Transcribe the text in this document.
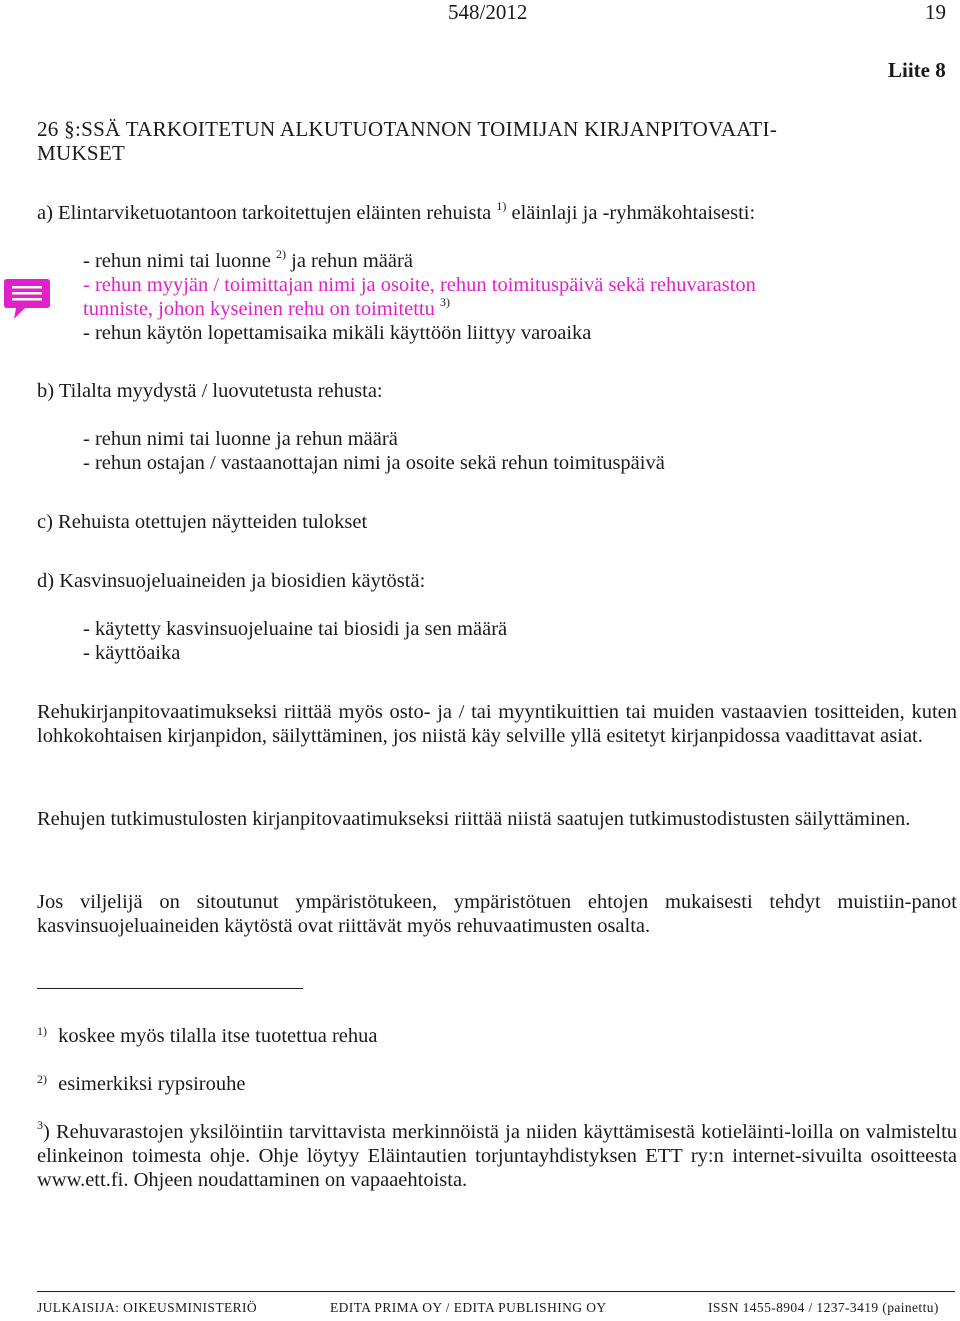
548/2012	19
Liite 8
26 §:SSÄ TARKOITETUN ALKUTUOTANNON TOIMIJAN KIRJANPITOVAATI-
MUKSET
a) Elintarviketuotantoon tarkoitettujen eläinten rehuista $^{1)}$ eläinlaji ja -ryhmäkohtaisesti:
- rehun nimi tai luonne $^{2)}$ ja rehun määrä
- rehun myyjän / toimittajan nimi ja osoite, rehun toimituspäivä sekä rehuvaraston
tunniste, johon kyseinen rehu on toimitettu $^{3)}$
- rehun käytön lopettamisaika mikäli käyttöön liittyy varoaika
b) Tilalta myydystä / luovutetusta rehusta:
- rehun nimi tai luonne ja rehun määrä
- rehun ostajan / vastaanottajan nimi ja osoite sekä rehun toimituspäivä
c) Rehuista otettujen näytteiden tulokset
d) Kasvinsuojeluaineiden ja biosidien käytöstä:
- käytetty kasvinsuojeluaine tai biosidi ja sen määrä
- käyttöaika
Rehukirjanpitovaatimukseksi riittää myös osto- ja / tai myyntikuittien tai muiden vastaavien tositteiden, kuten lohkokohtaisen kirjanpidon, säilyttäminen, jos niistä käy selville yllä esitetyt kirjanpidossa vaadittavat asiat.
Rehujen tutkimustulosten kirjanpitovaatimukseksi riittää niistä saatujen tutkimustodistusten säilyttäminen.
Jos viljelijä on sitoutunut ympäristötukeen, ympäristötuen ehtojen mukaisesti tehdyt muistiin-panot kasvinsuojeluaineiden käytöstä ovat riittävät myös rehuvaatimusten osalta.
$^{1)}$ koskee myös tilalla itse tuotettua rehua
$^{2)}$ esimerkiksi rypsirouhe
$^3$) Rehuvarastojen yksilöintiin tarvittavista merkinnöistä ja niiden käyttämisestä kotieläinti-loilla on valmisteltu elinkeinon toimesta ohje. Ohje löytyy Eläintautien torjuntayhdistyksen ETT ry:n internet-sivuilta osoitteesta www.ett.fi. Ohjeen noudattaminen on vapaaehtoista.
JULKAISIJA: OIKEUSMINISTERIÖ	EDITA PRIMA OY / EDITA PUBLISHING OY	ISSN 1455-8904 / 1237-3419 (painettu)
